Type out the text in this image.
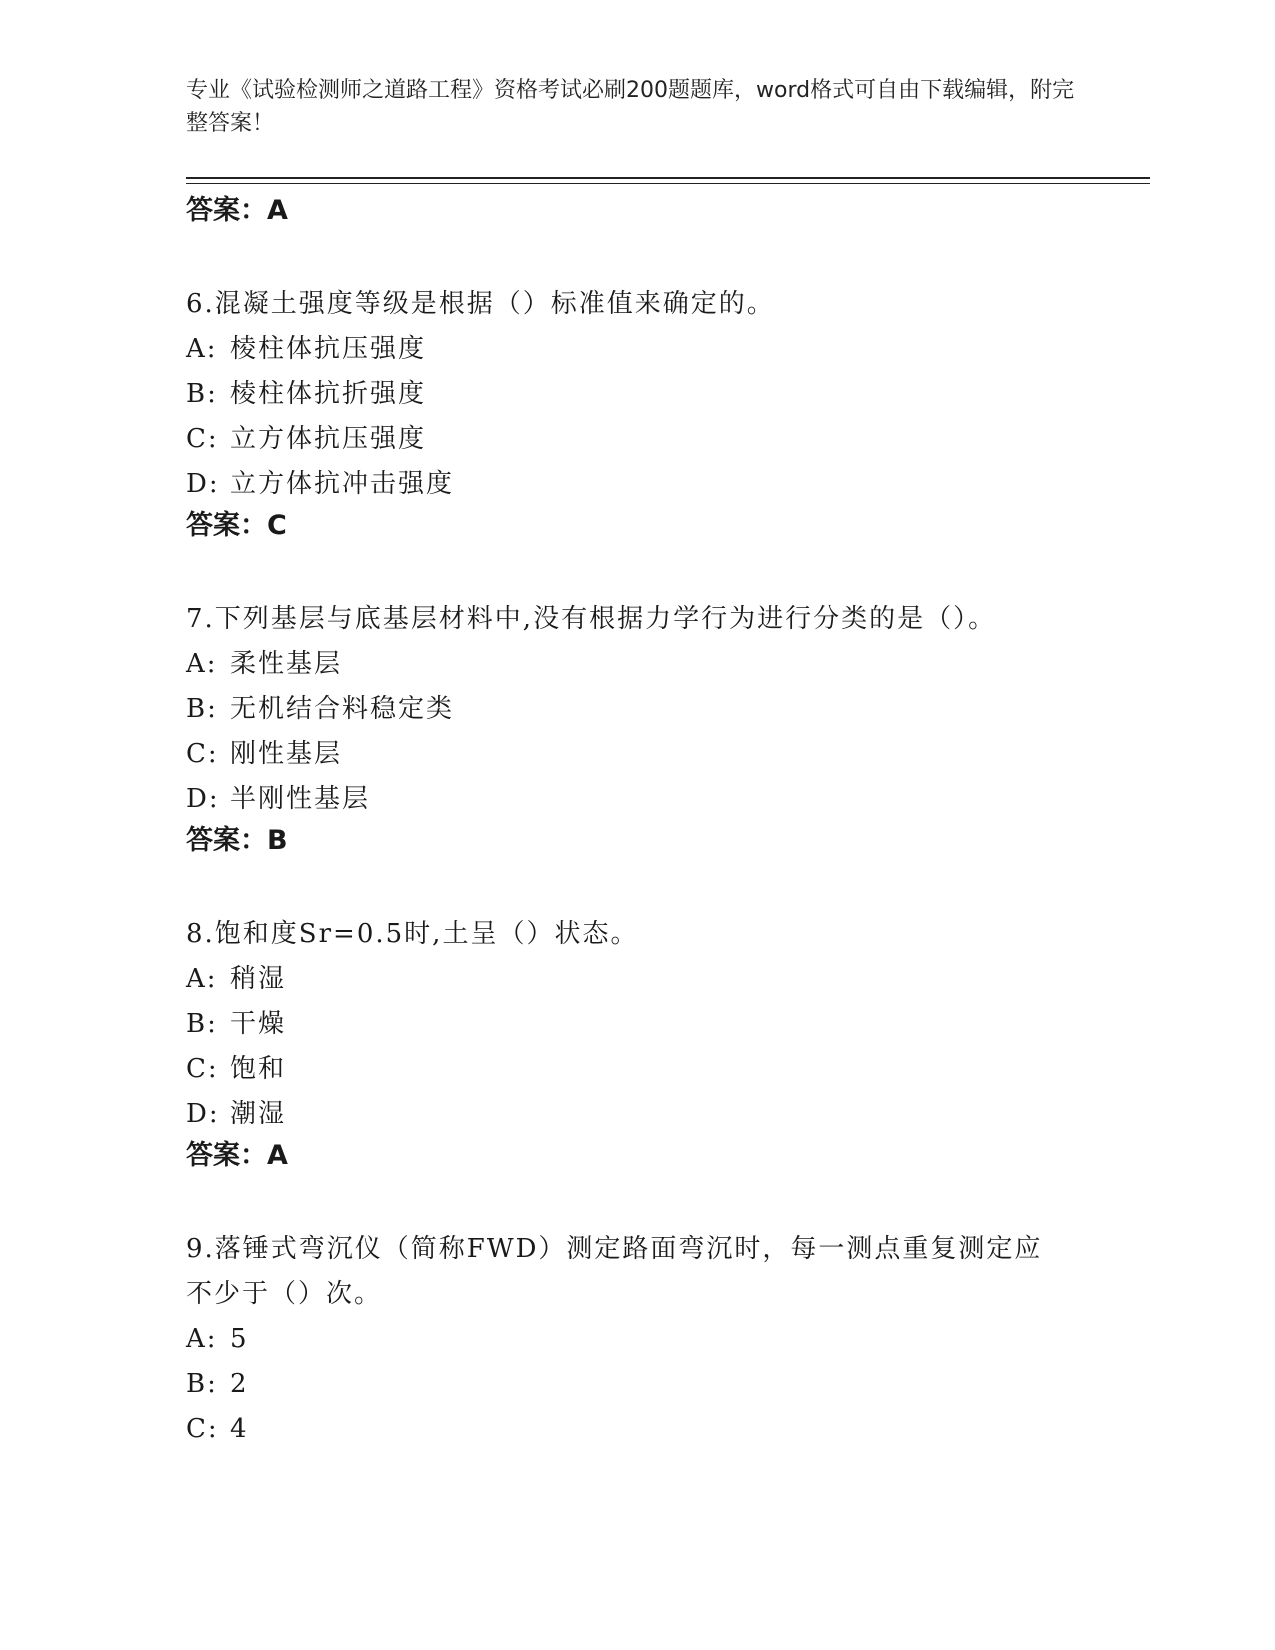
专业《试验检测师之道路工程》资格考试必刷200题题库，word格式可自由下载编辑，附完整答案！
答案：A
6.混凝土强度等级是根据（）标准值来确定的。
A: 棱柱体抗压强度
B: 棱柱体抗折强度
C: 立方体抗压强度
D: 立方体抗冲击强度
答案：C
7.下列基层与底基层材料中,没有根据力学行为进行分类的是（）。
A: 柔性基层
B: 无机结合料稳定类
C: 刚性基层
D: 半刚性基层
答案：B
8.饱和度Sr=0.5时,土呈（）状态。
A: 稍湿
B: 干燥
C: 饱和
D: 潮湿
答案：A
9.落锤式弯沉仪（简称FWD）测定路面弯沉时，每一测点重复测定应不少于（）次。
A: 5
B: 2
C: 4
